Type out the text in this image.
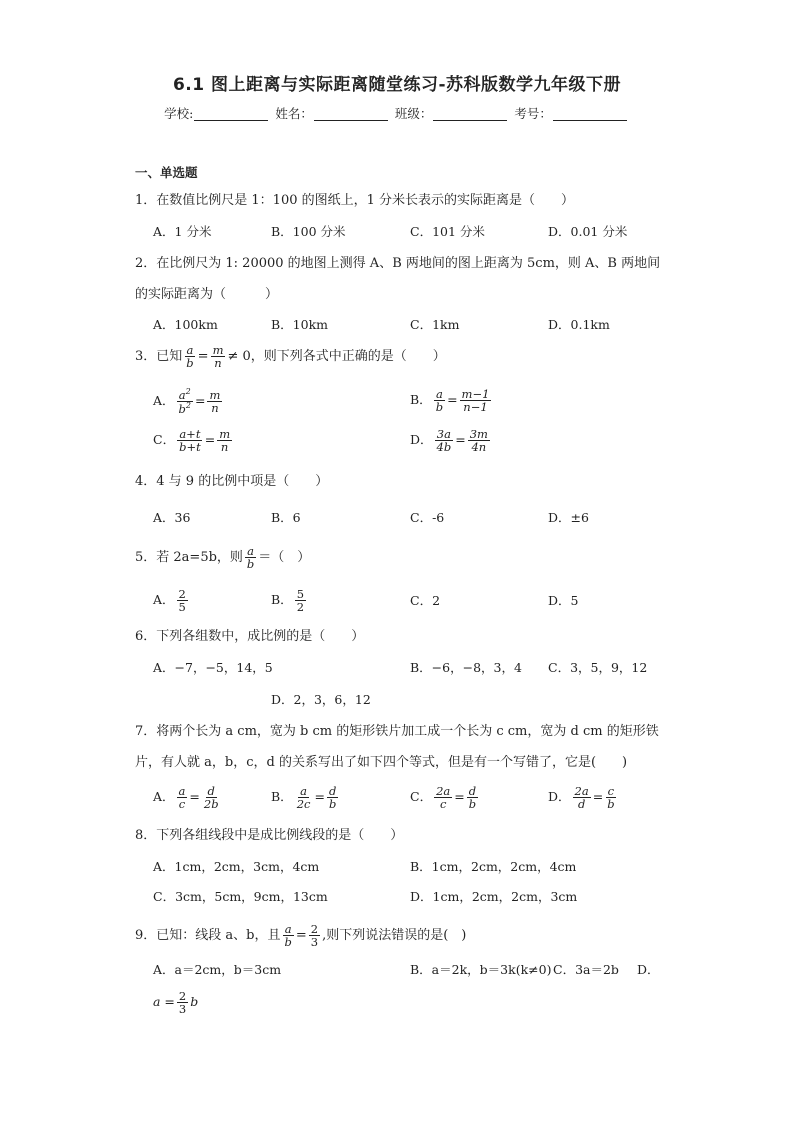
6.1 图上距离与实际距离随堂练习-苏科版数学九年级下册
学校:	姓名：	班级：	考号：
一、单选题
1．在数值比例尺是 1：100 的图纸上，1 分米长表示的实际距离是（　　）
A．1 分米	B．100 分米	C．101 分米	D．0.01 分米
2．在比例尺为 1: 20000 的地图上测得 A、B 两地间的图上距离为 5cm，则 A、B 两地间
的实际距离为（　　　）
A．100km	B．10km	C．1km	D．0.1km
3．已知 $\frac{a}{b} = \frac{m}{n} \ne 0$，则下列各式中正确的是（　　）
A． $\frac{a^2}{b^2} = \frac{m}{n}$	B． $\frac{a}{b} = \frac{m-1}{n-1}$
C． $\frac{a+t}{b+t} = \frac{m}{n}$	D． $\frac{3a}{4b} = \frac{3m}{4n}$
4．4 与 9 的比例中项是（　　）
A．36	B．6	C．-6	D．±6
5．若 2a=5b，则 $\frac{a}{b}$ ＝（　）
A． $\frac{2}{5}$	B． $\frac{5}{2}$	C．2	D．5
6．下列各组数中，成比例的是（　　）
A．−7，−5，14，5	B．−6，−8，3，4 C．3，5，9，12
D．2，3，6，12
7．将两个长为 a cm，宽为 b cm 的矩形铁片加工成一个长为 c cm，宽为 d cm 的矩形铁
片，有人就 a，b，c，d 的关系写出了如下四个等式，但是有一个写错了，它是(　　)
A． $\frac{a}{c} = \frac{d}{2b}$	B． $\frac{a}{2c} = \frac{d}{b}$	C． $\frac{2a}{c} = \frac{d}{b}$	D． $\frac{2a}{d} = \frac{c}{b}$
8．下列各组线段中是成比例线段的是（　　）
A．1cm，2cm，3cm，4cm	B．1cm，2cm，2cm，4cm
C．3cm，5cm，9cm，13cm	D．1cm，2cm，2cm，3cm
9．已知：线段 a、b，且 $\frac{a}{b} = \frac{2}{3}$ ,则下列说法错误的是(　)
A．a＝2cm，b＝3cm	B．a＝2k，b＝3k(k≠0) C．3a＝2b D．
$a = \frac{2}{3}$ b
